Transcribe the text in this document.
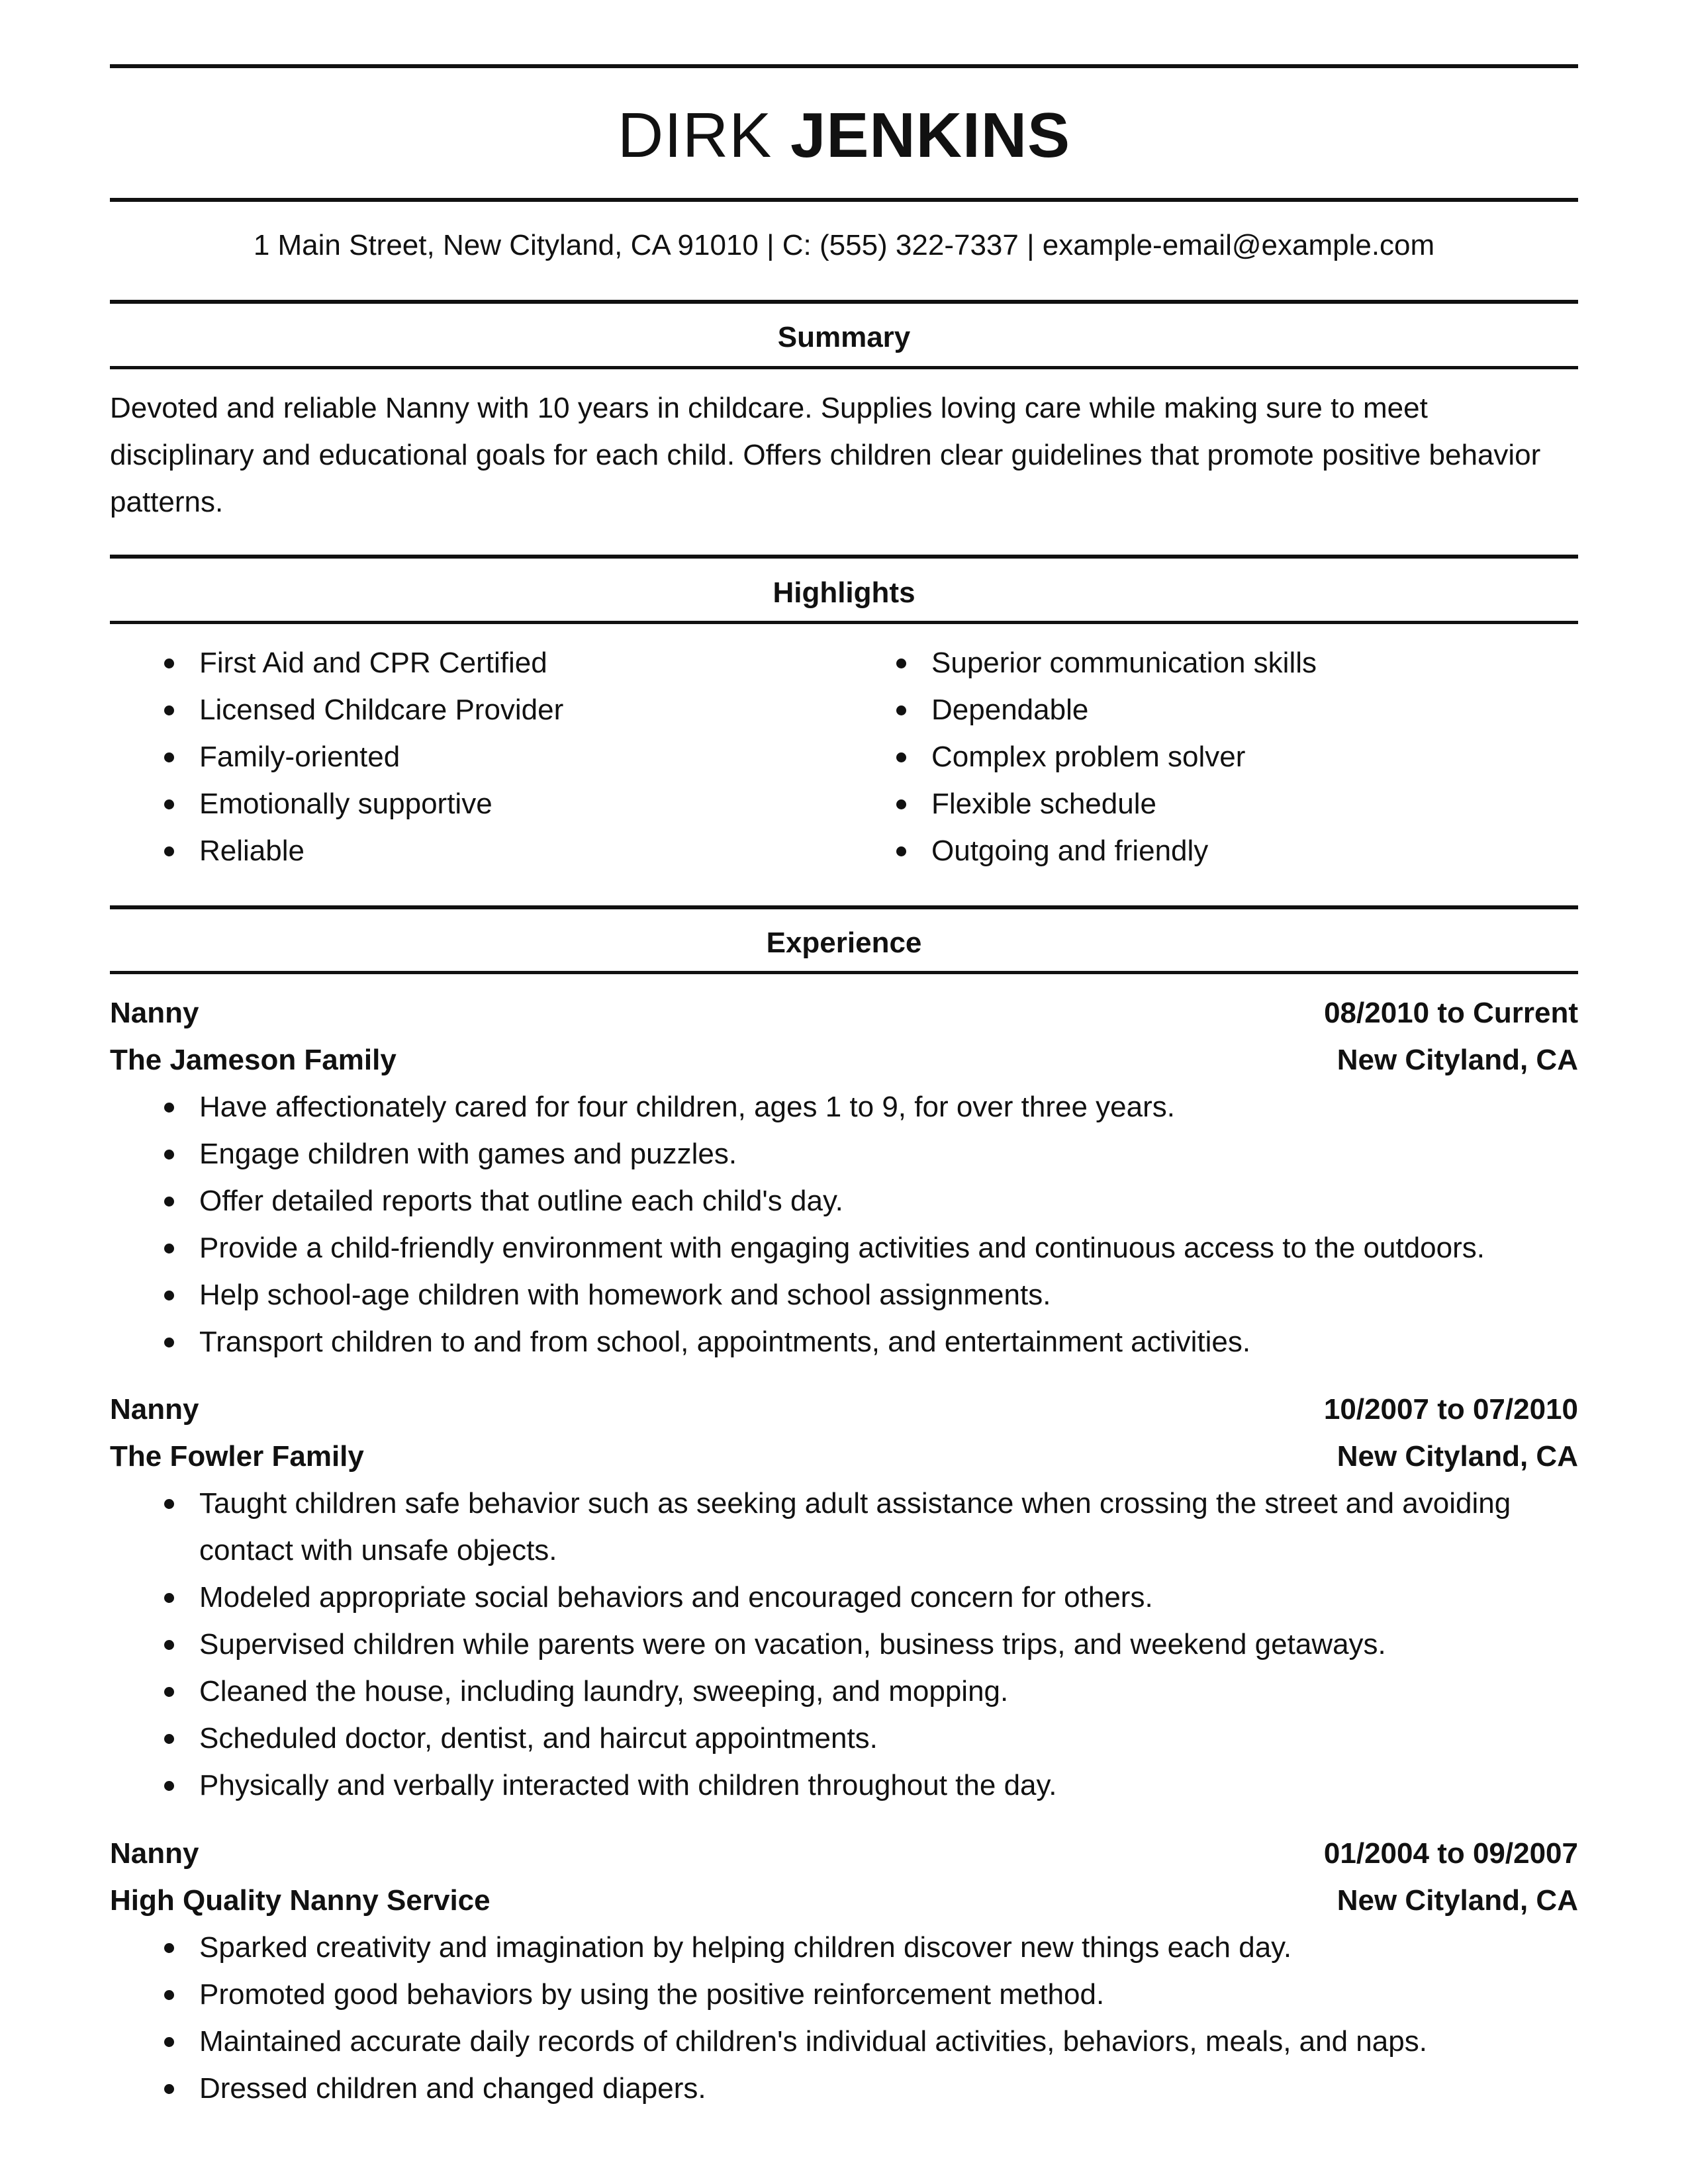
DIRK JENKINS
1 Main Street, New Cityland, CA 91010 | C: (555) 322-7337 | example-email@example.com
Summary

Devoted and reliable Nanny with 10 years in childcare. Supplies loving care while making sure to meet disciplinary and educational goals for each child. Offers children clear guidelines that promote positive behavior patterns.

Highlights
First Aid and CPR Certified
Licensed Childcare Provider
Family-oriented
Emotionally supportive
Reliable
Superior communication skills
Dependable
Complex problem solver
Flexible schedule
Outgoing and friendly
Experience
Nanny	08/2010 to Current
The Jameson Family	New Cityland, CA
Have affectionately cared for four children, ages 1 to 9, for over three years.
Engage children with games and puzzles.
Offer detailed reports that outline each child's day.
Provide a child-friendly environment with engaging activities and continuous access to the outdoors.
Help school-age children with homework and school assignments.
Transport children to and from school, appointments, and entertainment activities.
Nanny	10/2007 to 07/2010
The Fowler Family	New Cityland, CA
Taught children safe behavior such as seeking adult assistance when crossing the street and avoiding contact with unsafe objects.
Modeled appropriate social behaviors and encouraged concern for others.
Supervised children while parents were on vacation, business trips, and weekend getaways.
Cleaned the house, including laundry, sweeping, and mopping.
Scheduled doctor, dentist, and haircut appointments.
Physically and verbally interacted with children throughout the day.
Nanny	01/2004 to 09/2007
High Quality Nanny Service	New Cityland, CA
Sparked creativity and imagination by helping children discover new things each day.
Promoted good behaviors by using the positive reinforcement method.
Maintained accurate daily records of children's individual activities, behaviors, meals, and naps.
Dressed children and changed diapers.
